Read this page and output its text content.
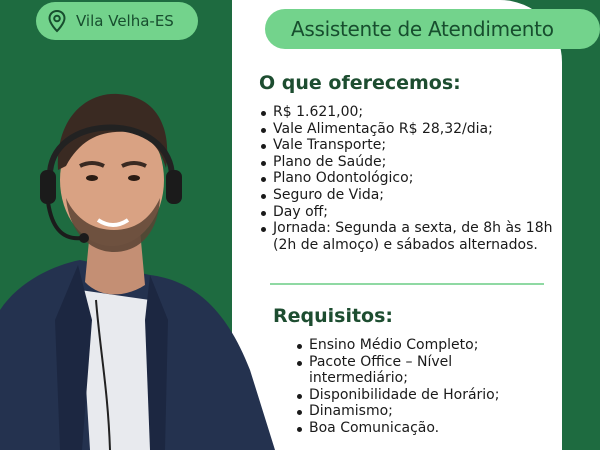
Vila Velha-ES	Assistente de Atendimento
O que oferecemos:
R$ 1.621,00;
Vale Alimentação R$ 28,32/dia;
Vale Transporte;
Plano de Saúde;
Plano Odontológico;
Seguro de Vida;
Day off;
Jornada: Segunda a sexta, de 8h às 18h (2h de almoço) e sábados alternados.
Requisitos:
Ensino Médio Completo;
Pacote Office – Nível intermediário;
Disponibilidade de Horário;
Dinamismo;
Boa Comunicação.
